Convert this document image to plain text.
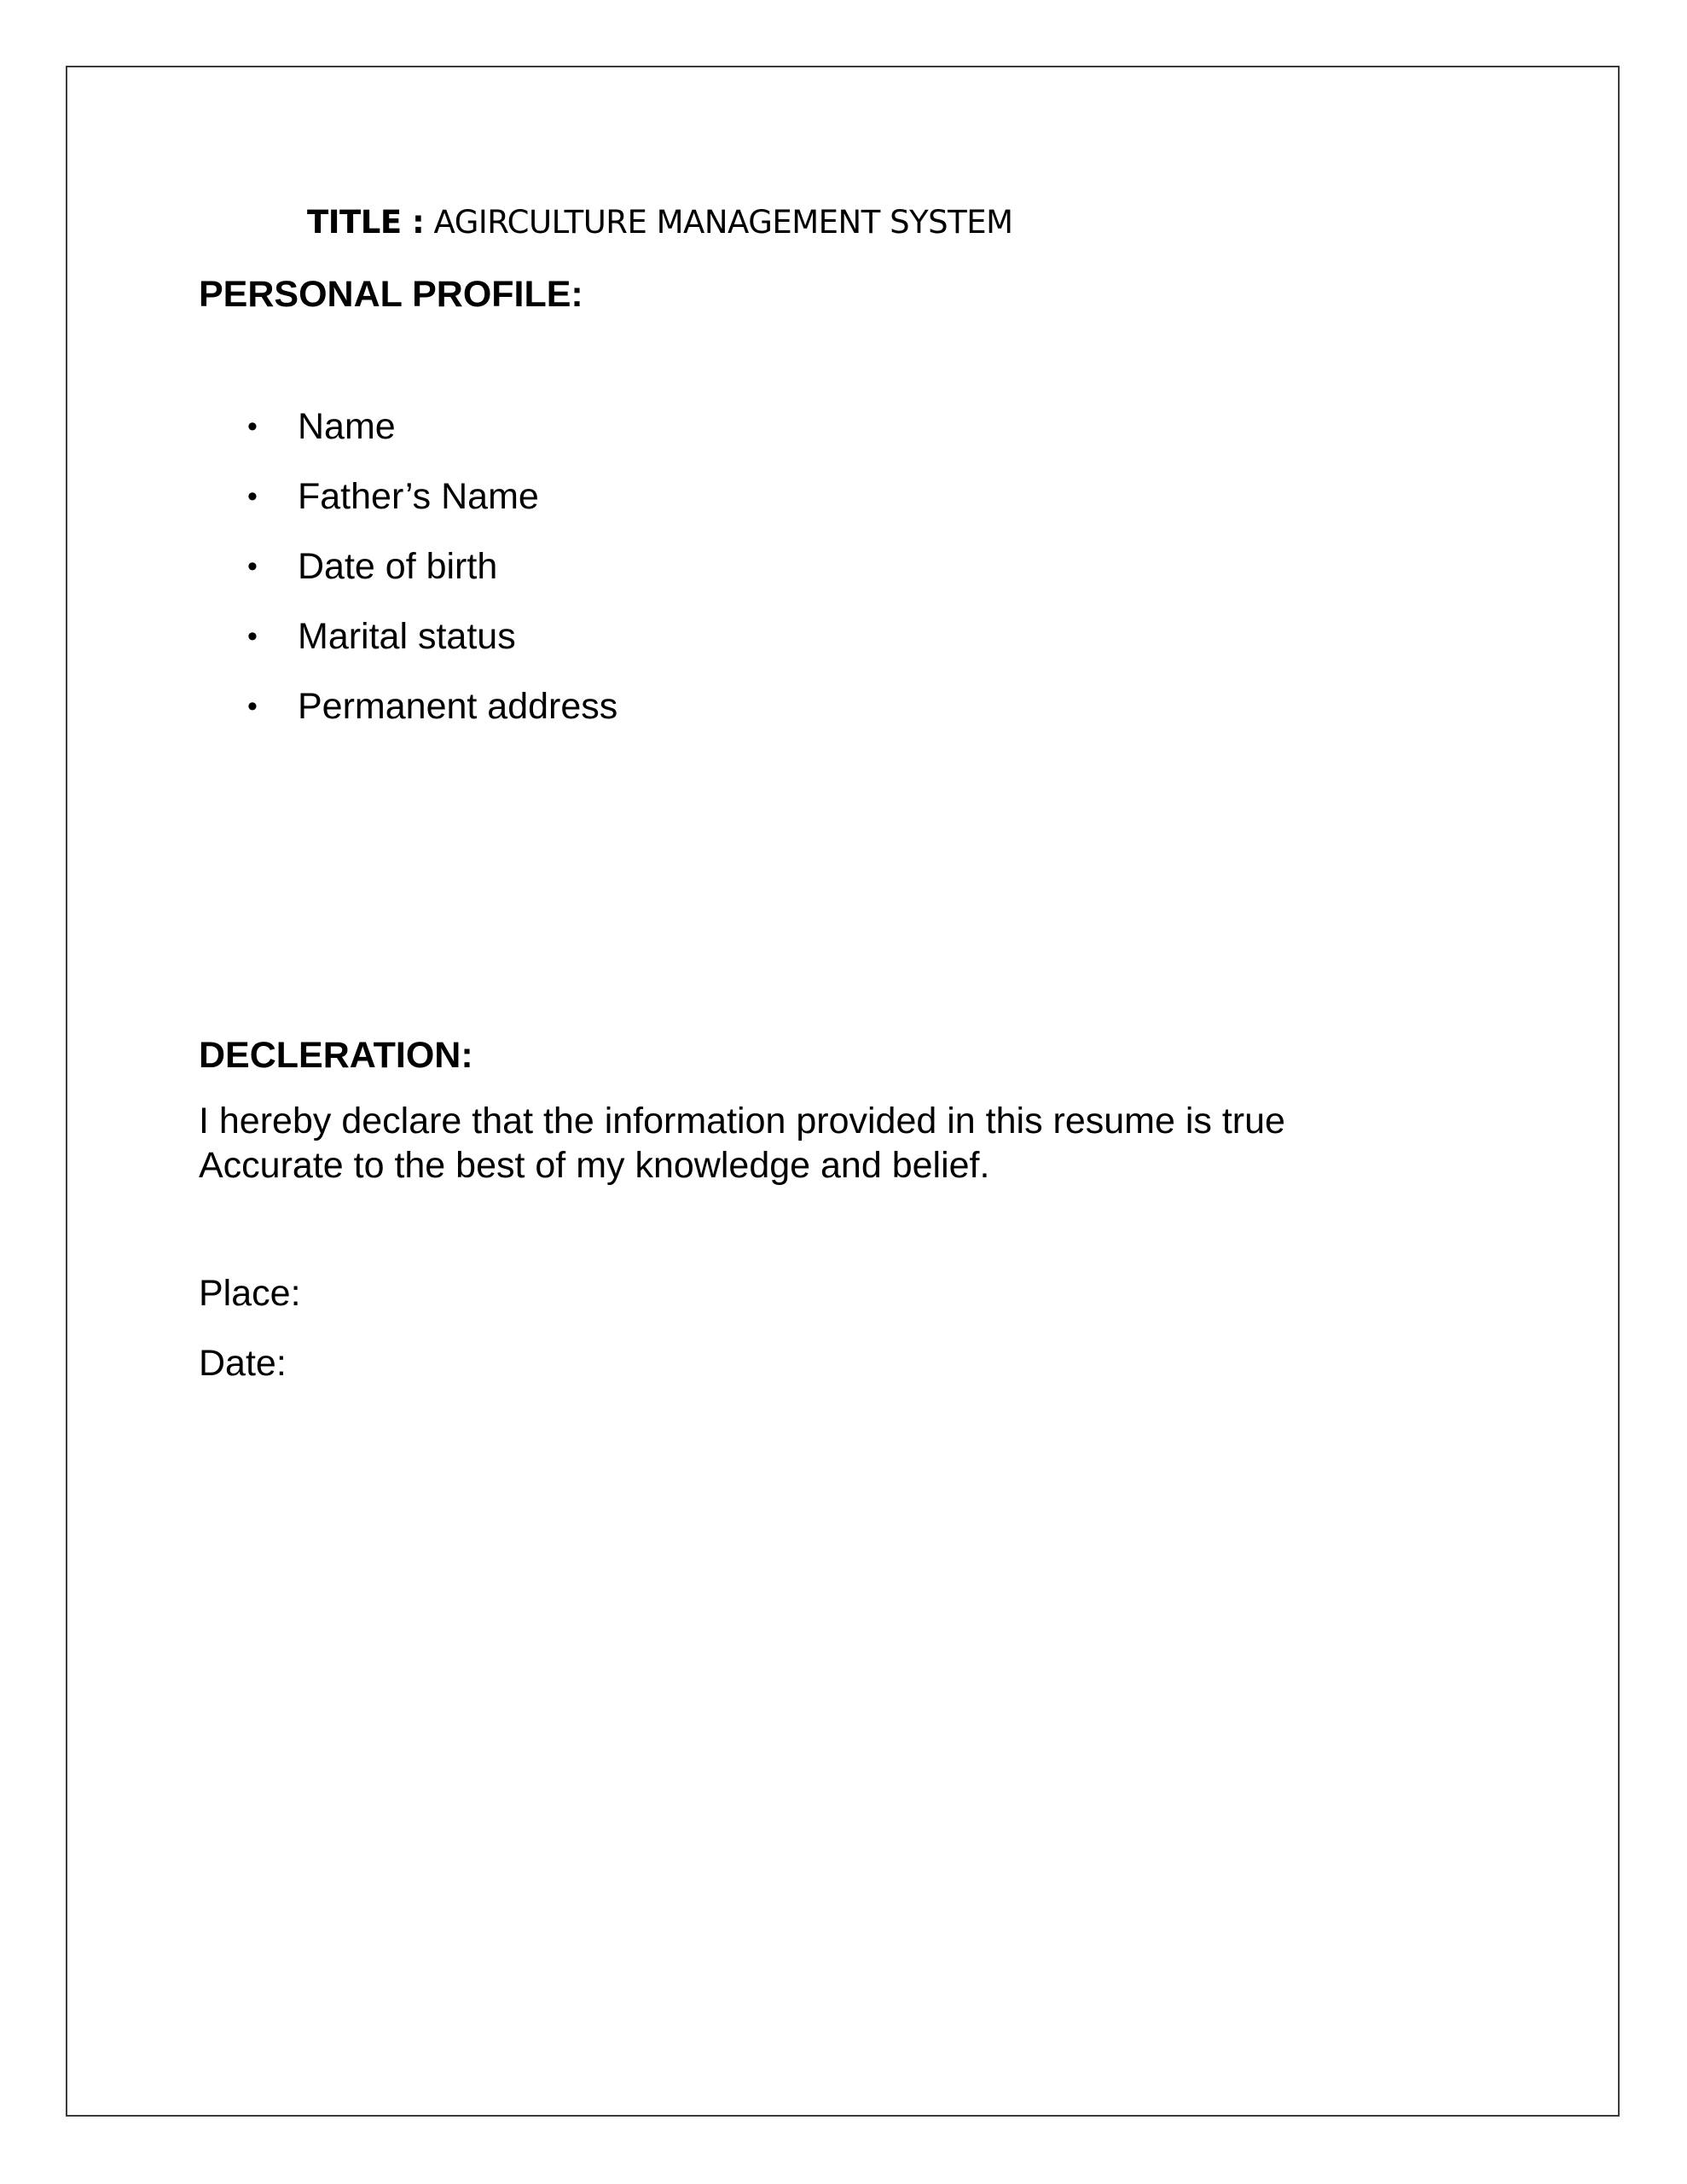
TITLE : AGIRCULTURE MANAGEMENT SYSTEM
PERSONAL PROFILE:
•	Name
•	Father’s Name
•	Date of birth
•	Marital status
•	Permanent address
DECLERATION:
I hereby declare that the information provided in this resume is true
Accurate to the best of my knowledge and belief.
Place:
Date:
